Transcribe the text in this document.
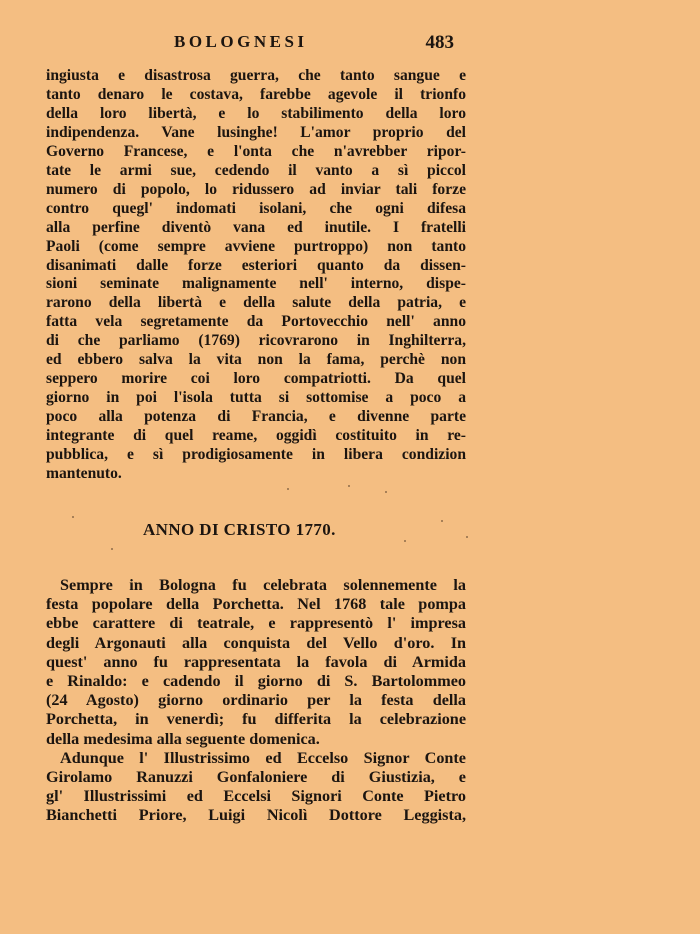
BOLOGNESI	483
ingiusta e disastrosa guerra, che tanto sangue e
tanto denaro le costava, farebbe agevole il trionfo
della loro libertà, e lo stabilimento della loro
indipendenza. Vane lusinghe! L'amor proprio del
Governo Francese, e l'onta che n'avrebber ripor-
tate le armi sue, cedendo il vanto a sì piccol
numero di popolo, lo ridussero ad inviar tali forze
contro quegl' indomati isolani, che ogni difesa
alla perfine diventò vana ed inutile. I fratelli
Paoli (come sempre avviene purtroppo) non tanto
disanimati dalle forze esteriori quanto da dissen-
sioni seminate malignamente nell' interno, dispe-
rarono della libertà e della salute della patria, e
fatta vela segretamente da Portovecchio nell' anno
di che parliamo (1769) ricovrarono in Inghilterra,
ed ebbero salva la vita non la fama, perchè non
seppero morire coi loro compatriotti. Da quel
giorno in poi l'isola tutta si sottomise a poco a
poco alla potenza di Francia, e divenne parte
integrante di quel reame, oggidì costituito in re-
pubblica, e sì prodigiosamente in libera condizion
mantenuto.
ANNO DI CRISTO 1770.
Sempre in Bologna fu celebrata solennemente la
festa popolare della Porchetta. Nel 1768 tale pompa
ebbe carattere di teatrale, e rappresentò l' impresa
degli Argonauti alla conquista del Vello d'oro. In
quest' anno fu rappresentata la favola di Armida
e Rinaldo: e cadendo il giorno di S. Bartolommeo
(24 Agosto) giorno ordinario per la festa della
Porchetta, in venerdì; fu differita la celebrazione
della medesima alla seguente domenica.
Adunque l' Illustrissimo ed Eccelso Signor Conte
Girolamo Ranuzzi Gonfaloniere di Giustizia, e
gl' Illustrissimi ed Eccelsi Signori Conte Pietro
Bianchetti Priore, Luigi Nicolì Dottore Leggista,
